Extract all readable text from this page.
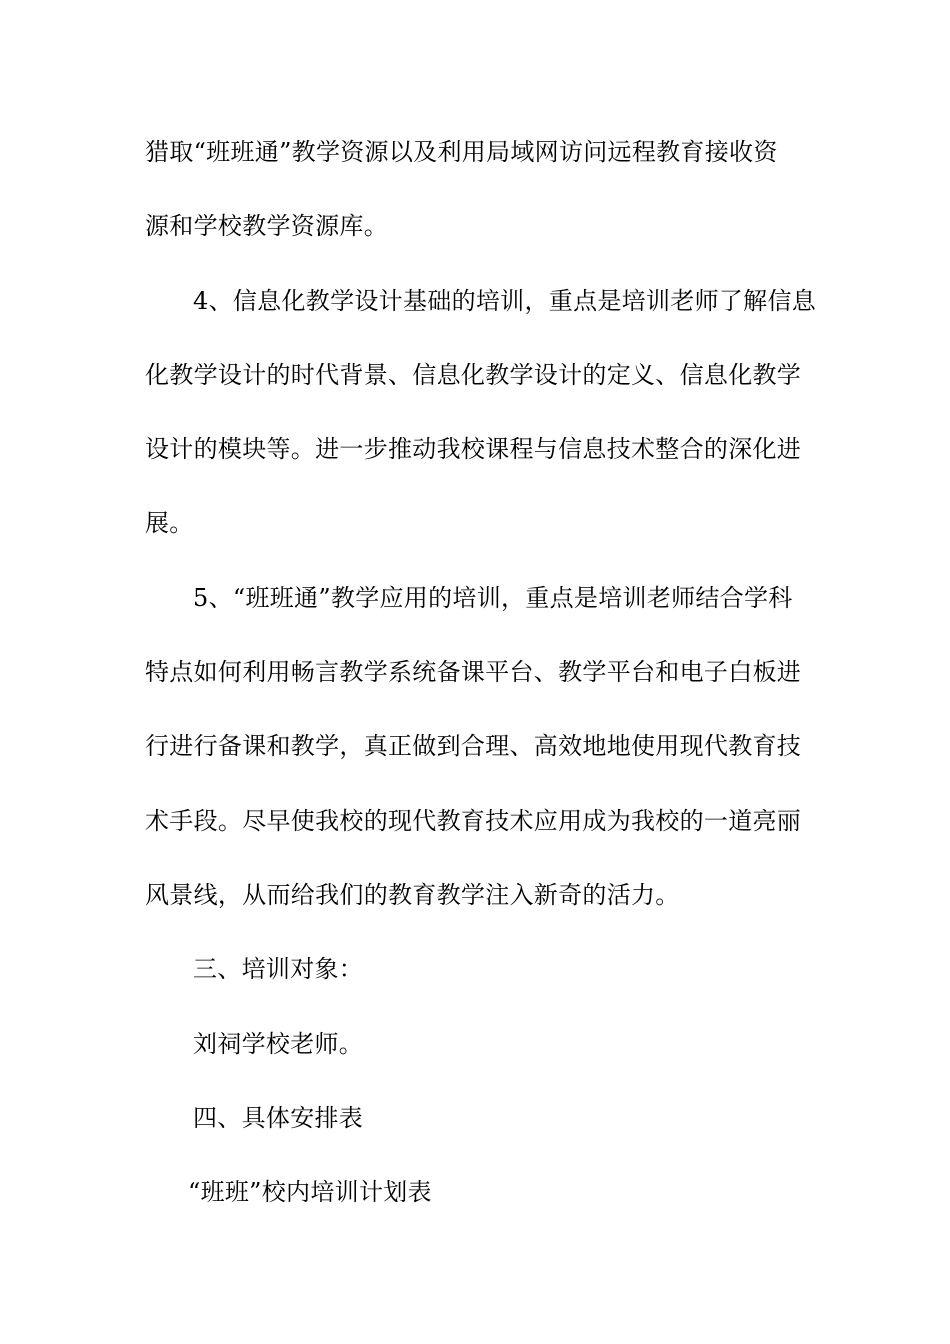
猎取“班班通”教学资源以及利用局域网访问远程教育接收资
源和学校教学资源库。
4、信息化教学设计基础的培训，重点是培训老师了解信息
化教学设计的时代背景、信息化教学设计的定义、信息化教学
设计的模块等。进一步推动我校课程与信息技术整合的深化进
展。
5、“班班通”教学应用的培训，重点是培训老师结合学科
特点如何利用畅言教学系统备课平台、教学平台和电子白板进
行进行备课和教学，真正做到合理、高效地地使用现代教育技
术手段。尽早使我校的现代教育技术应用成为我校的一道亮丽
风景线，从而给我们的教育教学注入新奇的活力。
三、培训对象：
刘祠学校老师。
四、具体安排表
“班班”校内培训计划表
